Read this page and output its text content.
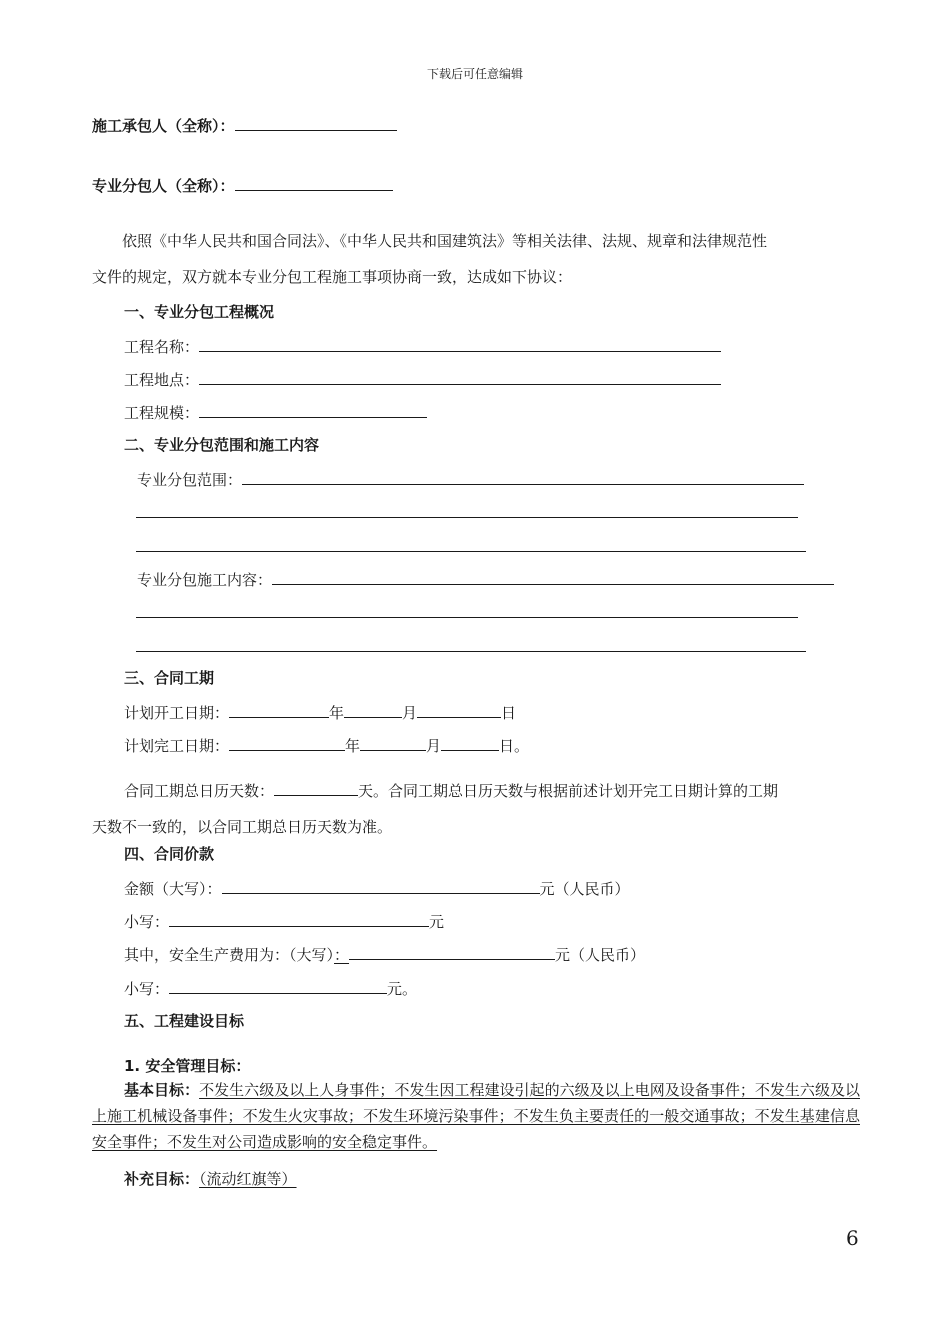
下载后可任意编辑
施工承包人（全称）：
专业分包人（全称）：
依照《中华人民共和国合同法》、《中华人民共和国建筑法》等相关法律、法规、规章和法律规范性
文件的规定，双方就本专业分包工程施工事项协商一致，达成如下协议：
一、专业分包工程概况
工程名称：
工程地点：
工程规模：
二、专业分包范围和施工内容
专业分包范围：
专业分包施工内容：
三、合同工期
计划开工日期：	年	月	日
计划完工日期：	年	月	日。
合同工期总日历天数：	天。合同工期总日历天数与根据前述计划开完工日期计算的工期
天数不一致的，以合同工期总日历天数为准。
四、合同价款
金额（大写）：	元（人民币）
小写：	元
其中，安全生产费用为：（大写）：	元（人民币）
小写：	元。
五、工程建设目标
1. 安全管理目标：
基本目标：不发生六级及以上人身事件；不发生因工程建设引起的六级及以上电网及设备事件；不发生六级及以上施工机械设备事件；不发生火灾事故；不发生环境污染事件；不发生负主要责任的一般交通事故；不发生基建信息安全事件；不发生对公司造成影响的安全稳定事件。
补充目标：（流动红旗等）
6
